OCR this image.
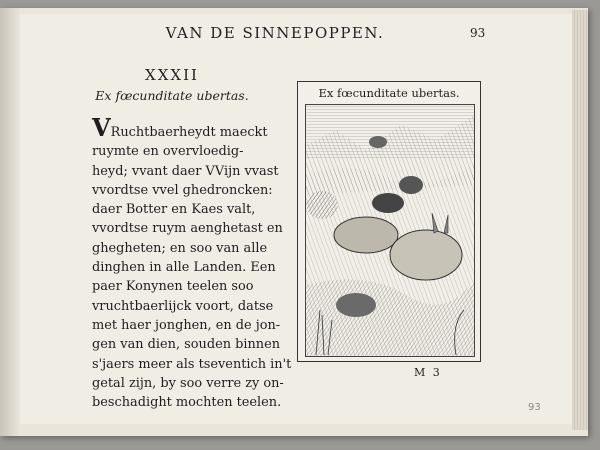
VAN DE SINNEPOPPEN.	93
93
XXXII
Ex fœcunditate ubertas.
VRuchtbaerheydt maeckt
ruymte en overvloedig-
heyd; vvant daer VVijn vvast
vvordtse vvel ghedroncken:
daer Botter en Kaes valt,
vvordtse ruym aenghetast en
ghegheten; en soo van alle
dinghen in alle Landen. Een
paer Konynen teelen soo
vruchtbaerlijck voort, datse
met haer jonghen, en de jon-
gen van dien, souden binnen
s'jaers meer als tseventich in't
getal zijn, by soo verre zy on-
beschadight mochten teelen.
Ex fœcunditate ubertas.
M 3
